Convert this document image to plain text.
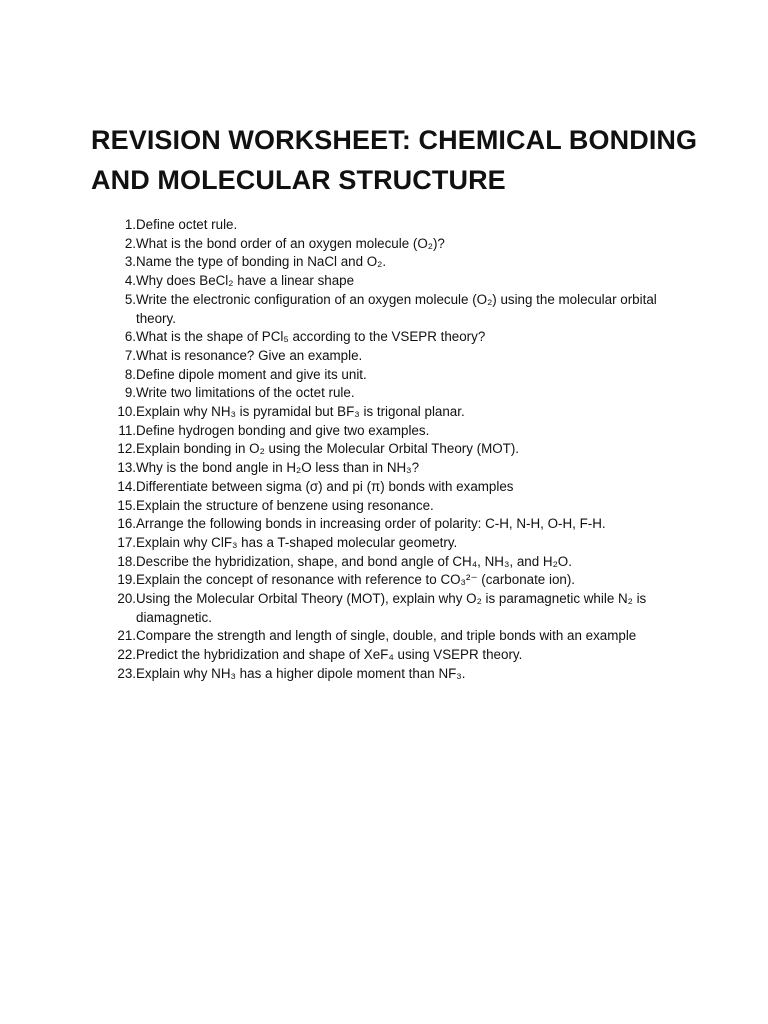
REVISION WORKSHEET: CHEMICAL BONDING AND MOLECULAR STRUCTURE
1. Define octet rule.
2. What is the bond order of an oxygen molecule (O₂)?
3. Name the type of bonding in NaCl and O₂.
4. Why does BeCl₂ have a linear shape
5. Write the electronic configuration of an oxygen molecule (O₂) using the molecular orbital theory.
6. What is the shape of PCl₅ according to the VSEPR theory?
7. What is resonance? Give an example.
8. Define dipole moment and give its unit.
9. Write two limitations of the octet rule.
10. Explain why NH₃ is pyramidal but BF₃ is trigonal planar.
11. Define hydrogen bonding and give two examples.
12. Explain bonding in O₂ using the Molecular Orbital Theory (MOT).
13. Why is the bond angle in H₂O less than in NH₃?
14. Differentiate between sigma (σ) and pi (π) bonds with examples
15. Explain the structure of benzene using resonance.
16. Arrange the following bonds in increasing order of polarity: C-H, N-H, O-H, F-H.
17. Explain why ClF₃ has a T-shaped molecular geometry.
18. Describe the hybridization, shape, and bond angle of CH₄, NH₃, and H₂O.
19. Explain the concept of resonance with reference to CO₃²⁻ (carbonate ion).
20. Using the Molecular Orbital Theory (MOT), explain why O₂ is paramagnetic while N₂ is diamagnetic.
21. Compare the strength and length of single, double, and triple bonds with an example
22. Predict the hybridization and shape of XeF₄ using VSEPR theory.
23. Explain why NH₃ has a higher dipole moment than NF₃.
